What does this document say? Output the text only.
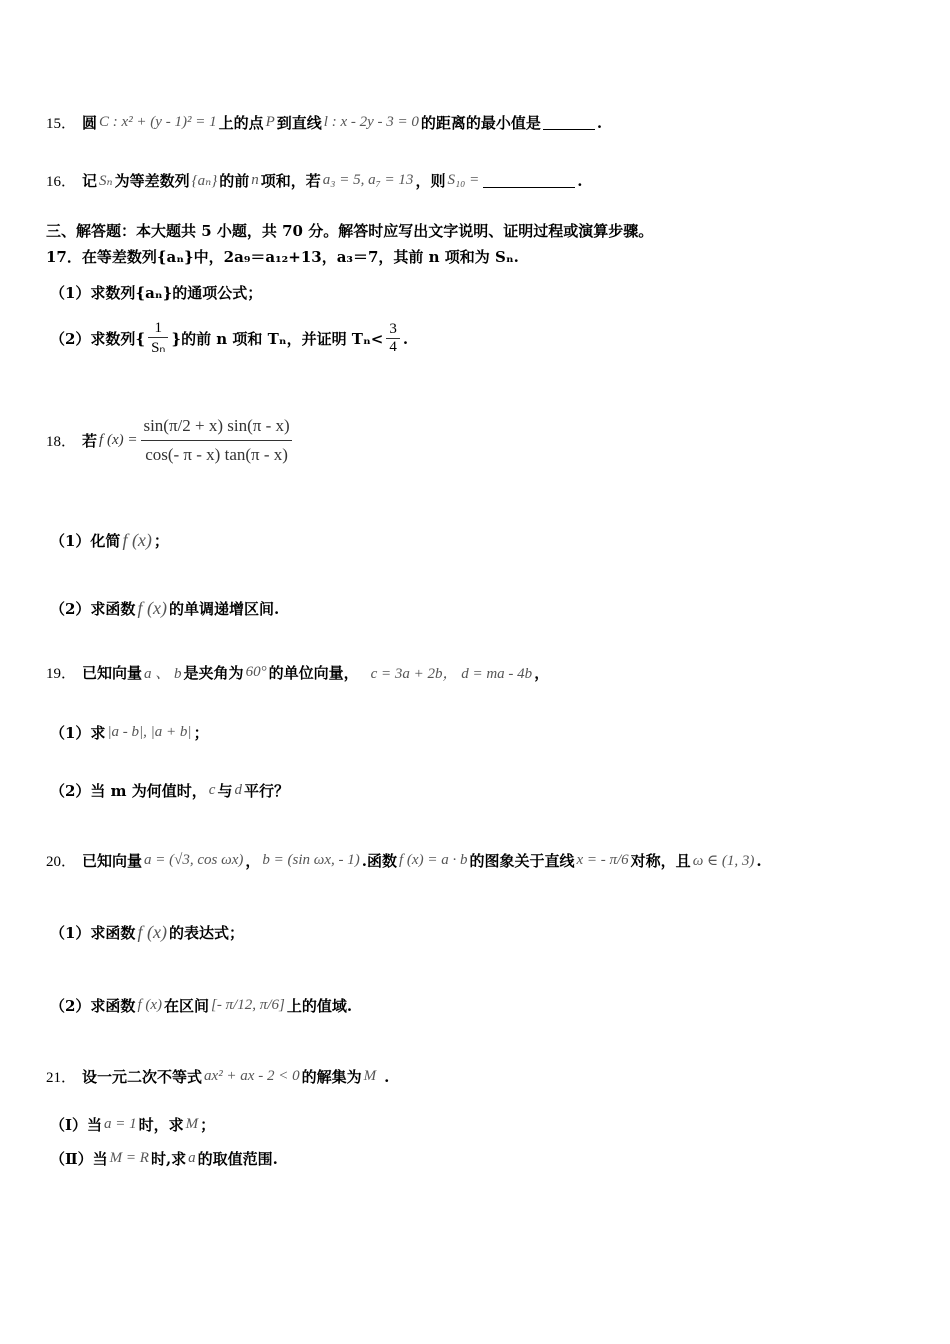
15． 圆 C : x² + (y - 1)² = 1 上的点 P 到直线 l : x - 2y - 3 = 0 的距离的最小值是	.
16． 记 Sₙ 为等差数列 {aₙ} 的前 n 项和，若 a₃ = 5, a₇ = 13 ，则 S₁₀ =	.
三、解答题：本大题共 5 小题，共 70 分。解答时应写出文字说明、证明过程或演算步骤。
17．在等差数列{aₙ}中，2a₉＝a₁₂+13，a₃＝7，其前 n 项和为 Sₙ.
（1）求数列{aₙ}的通项公式；
（2）求数列{ $\frac{1}{\text{Sₙ}}$ }的前 n 项和 Tₙ，并证明 $T_n< \frac{3}{4}$ .
18． 若 f $(x) = \frac{\sin(\pi/2 + x) \sin(\pi - x)}{\cos(- \pi - x) \tan(\pi - x)}$
（1）化简 f (x) ；
（2）求函数 f (x) 的单调递增区间.
19． 已知向量 a 、 b 是夹角为 60° 的单位向量， c = 3a + 2b， d = ma - 4b ，
（1）求 |a - b|, |a + b| ；
（2）当 m 为何值时， c 与 d 平行？
20． 已知向量 a = (√3, cos ωx) ， b = (sin ωx, - 1) .函数 f (x) = a · b 的图象关于直线 x = - π/6 对称，且 ω ∈ (1, 3) .
（1）求函数 f (x) 的表达式；
（2）求函数 f (x) 在区间 [- π/12, π/6] 上的值域.
21． 设一元二次不等式 ax² + ax - 2 < 0 的解集为 M .
（Ⅰ）当 a = 1 时，求 M ；
（Ⅱ）当 M = R 时,求 a 的取值范围.
